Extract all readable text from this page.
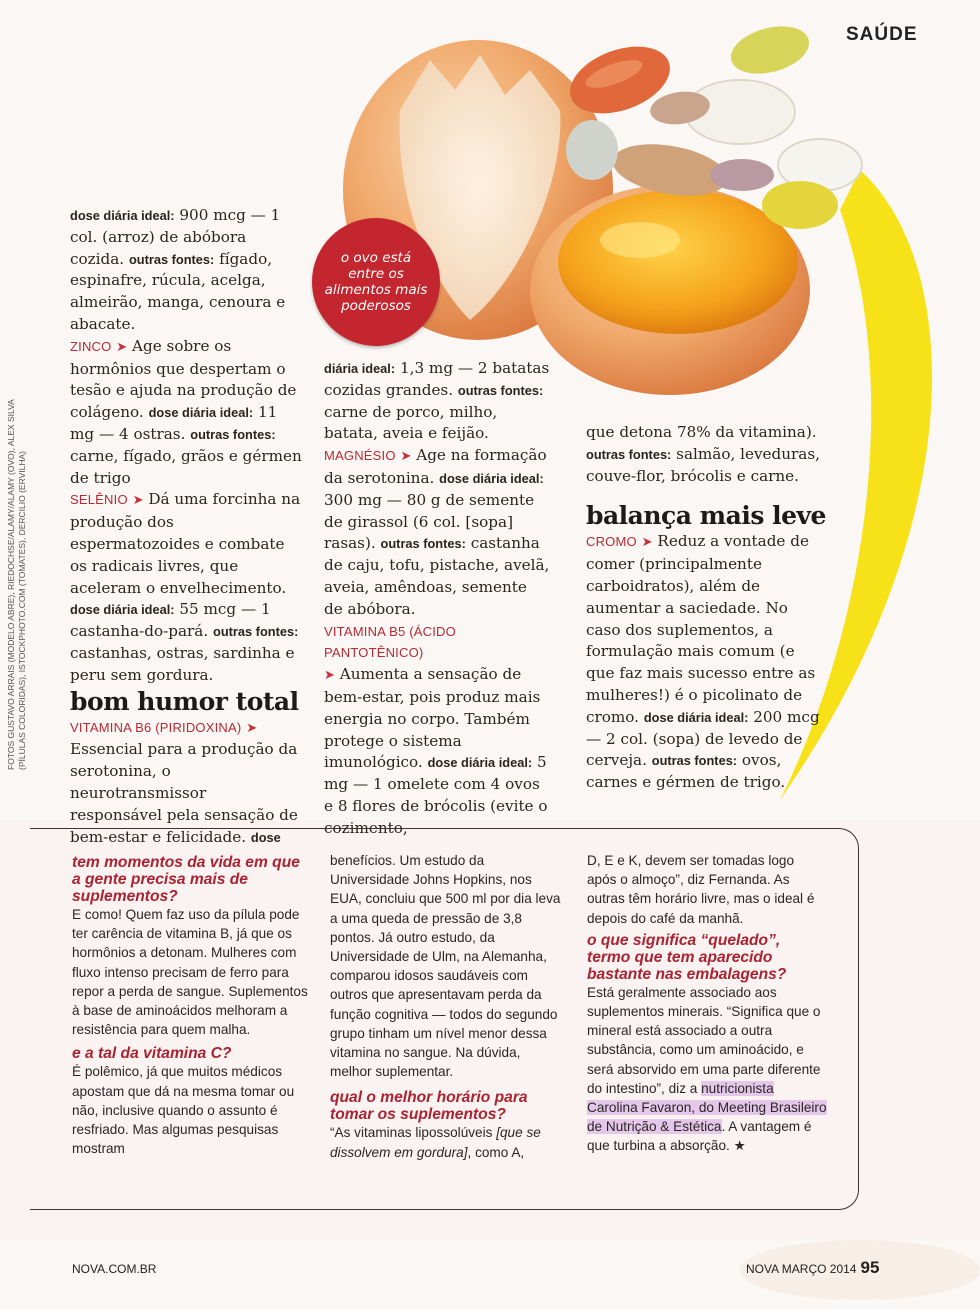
SAÚDE
FOTOS GUSTAVO ARRAIS (MODELO ABRE), RIEDOCHSE/ALAMY/ALAMY (OVO), ALEX SILVA (PÍLULAS COLORIDAS), ISTOCKPHOTO.COM (TOMATES), DERCILIO (ERVILHA)
o ovo está entre os alimentos mais poderosos

dose diária ideal: 900 mcg — 1 col. (arroz) de abóbora cozida. outras fontes: fígado, espinafre, rúcula, acelga, almeirão, manga, cenoura e abacate.

ZINCO ➤ Age sobre os hormônios que despertam o tesão e ajuda na produção de colágeno. dose diária ideal: 11 mg — 4 ostras. outras fontes: carne, fígado, grãos e gérmen de trigo

SELÊNIO ➤ Dá uma forcinha na produção dos espermatozoides e combate os radicais livres, que aceleram o envelhecimento. dose diária ideal: 55 mcg — 1 castanha-do-pará. outras fontes: castanhas, ostras, sardinha e peru sem gordura.

bom humor total

VITAMINA B6 (PIRIDOXINA) ➤
Essencial para a produção da serotonina, o neurotransmissor responsável pela sensação de bem-estar e felicidade. dose

diária ideal: 1,3 mg — 2 batatas cozidas grandes. outras fontes: carne de porco, milho, batata, aveia e feijão.

MAGNÉSIO ➤ Age na formação da serotonina. dose diária ideal: 300 mg — 80 g de semente de girassol (6 col. [sopa] rasas). outras fontes: castanha de caju, tofu, pistache, avelã, aveia, amêndoas, semente de abóbora.

VITAMINA B5 (ÁCIDO PANTOTÊNICO)
➤ Aumenta a sensação de bem-estar, pois produz mais energia no corpo. Também protege o sistema imunológico. dose diária ideal: 5 mg — 1 omelete com 4 ovos e 8 flores de brócolis (evite o cozimento,

que detona 78% da vitamina). outras fontes: salmão, leveduras, couve-flor, brócolis e carne.

balança mais leve

CROMO ➤ Reduz a vontade de comer (principalmente carboidratos), além de aumentar a saciedade. No caso dos suplementos, a formulação mais comum (e que faz mais sucesso entre as mulheres!) é o picolinato de cromo. dose diária ideal: 200 mcg — 2 col. (sopa) de levedo de cerveja. outras fontes: ovos, carnes e gérmen de trigo.

tem momentos da vida em que a gente precisa mais de suplementos?

E como! Quem faz uso da pílula pode ter carência de vitamina B, já que os hormônios a detonam. Mulheres com fluxo intenso precisam de ferro para repor a perda de sangue. Suplementos à base de aminoácidos melhoram a resistência para quem malha.

e a tal da vitamina C?

É polêmico, já que muitos médicos apostam que dá na mesma tomar ou não, inclusive quando o assunto é resfriado. Mas algumas pesquisas mostram

benefícios. Um estudo da Universidade Johns Hopkins, nos EUA, concluiu que 500 ml por dia leva a uma queda de pressão de 3,8 pontos. Já outro estudo, da Universidade de Ulm, na Alemanha, comparou idosos saudáveis com outros que apresentavam perda da função cognitiva — todos do segundo grupo tinham um nível menor dessa vitamina no sangue. Na dúvida, melhor suplementar.

qual o melhor horário para tomar os suplementos?

“As vitaminas lipossolúveis [que se dissolvem em gordura], como A,

D, E e K, devem ser tomadas logo após o almoço”, diz Fernanda. As outras têm horário livre, mas o ideal é depois do café da manhã.

o que significa “quelado”, termo que tem aparecido bastante nas embalagens?

Está geralmente associado aos suplementos minerais. “Significa que o mineral está associado a outra substância, como um aminoácido, e será absorvido em uma parte diferente do intestino”, diz a nutricionista Carolina Favaron, do Meeting Brasileiro de Nutrição & Estética. A vantagem é que turbina a absorção. ★

NOVA.COM.BR	NOVA MARÇO 2014 95
